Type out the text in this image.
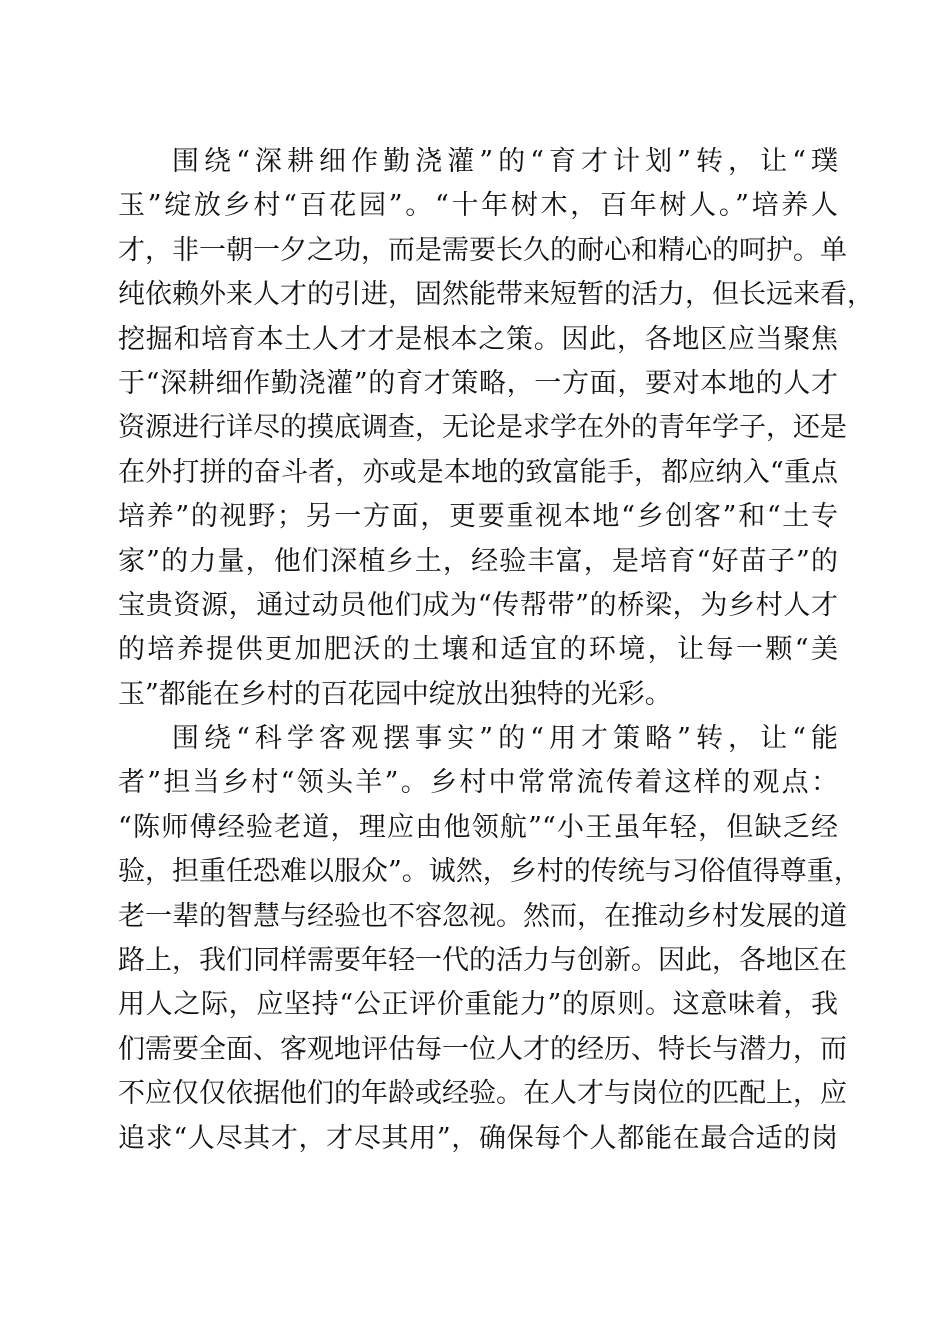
围绕“深耕细作勤浇灌”的“育才计划”转，让“璞
玉”绽放乡村“百花园”。“十年树木，百年树人。”培养人
才，非一朝一夕之功，而是需要长久的耐心和精心的呵护。单
纯依赖外来人才的引进，固然能带来短暂的活力，但长远来看，
挖掘和培育本土人才才是根本之策。因此，各地区应当聚焦
于“深耕细作勤浇灌”的育才策略，一方面，要对本地的人才
资源进行详尽的摸底调查，无论是求学在外的青年学子，还是
在外打拼的奋斗者，亦或是本地的致富能手，都应纳入“重点
培养”的视野；另一方面，更要重视本地“乡创客”和“土专
家”的力量，他们深植乡土，经验丰富，是培育“好苗子”的
宝贵资源，通过动员他们成为“传帮带”的桥梁，为乡村人才
的培养提供更加肥沃的土壤和适宜的环境，让每一颗“美
玉”都能在乡村的百花园中绽放出独特的光彩。
围绕“科学客观摆事实”的“用才策略”转，让“能
者”担当乡村“领头羊”。乡村中常常流传着这样的观点：
“陈师傅经验老道，理应由他领航”“小王虽年轻，但缺乏经
验，担重任恐难以服众”。诚然，乡村的传统与习俗值得尊重，
老一辈的智慧与经验也不容忽视。然而，在推动乡村发展的道
路上，我们同样需要年轻一代的活力与创新。因此，各地区在
用人之际，应坚持“公正评价重能力”的原则。这意味着，我
们需要全面、客观地评估每一位人才的经历、特长与潜力，而
不应仅仅依据他们的年龄或经验。在人才与岗位的匹配上，应
追求“人尽其才，才尽其用”，确保每个人都能在最合适的岗
